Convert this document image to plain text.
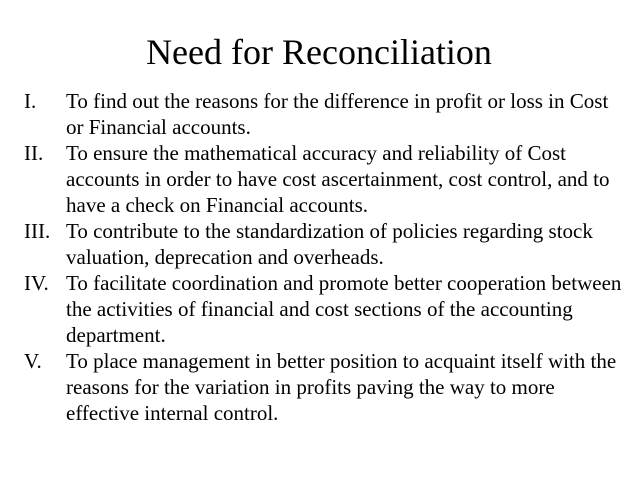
Need for Reconciliation
I.	To find out the reasons for the difference in profit or loss in Cost or Financial accounts.
II.	To ensure the mathematical accuracy and reliability of Cost accounts in order to have cost ascertainment, cost control, and to have a check on Financial accounts.
III. To contribute to the standardization of policies regarding stock valuation, deprecation and overheads.
IV. To facilitate coordination and promote better cooperation between the activities of financial and cost sections of the accounting department.
V.	To place management in better position to acquaint itself with the reasons for the variation in profits paving the way to more effective internal control.
